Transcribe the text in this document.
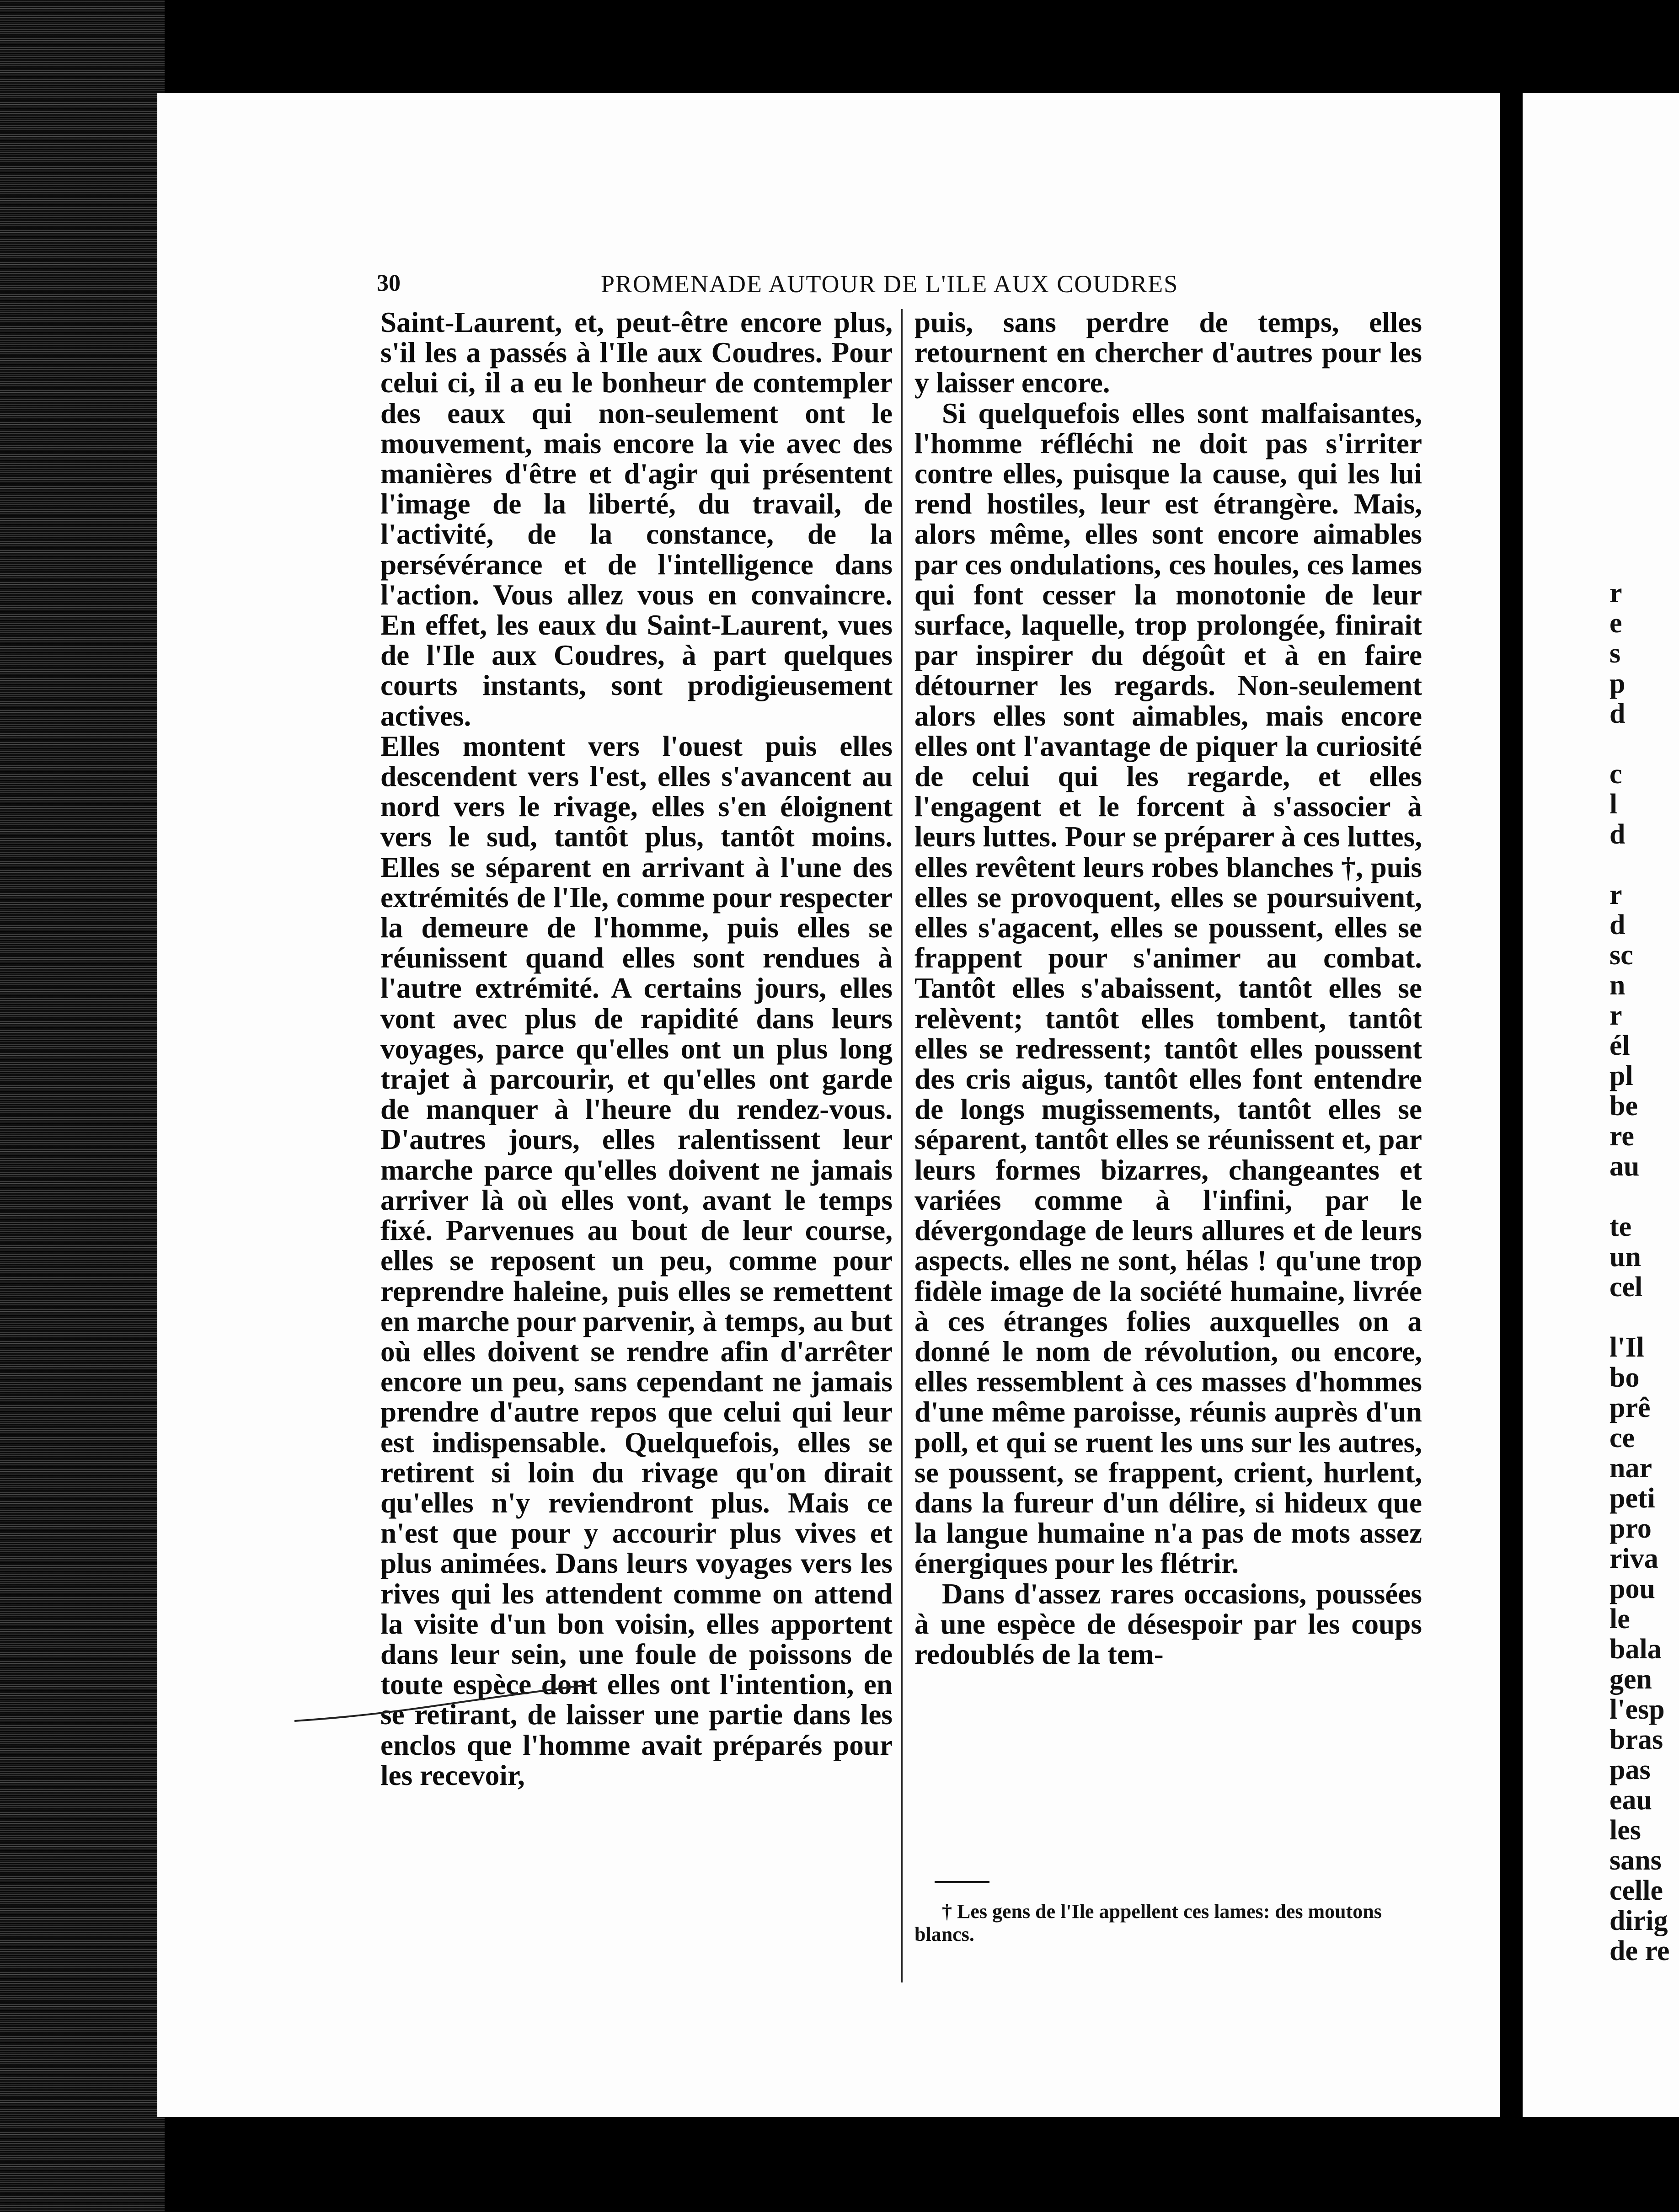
30	PROMENADE AUTOUR DE L'ILE AUX COUDRES

Saint-Laurent, et, peut-être encore plus, s'il les a passés à l'Ile aux Coudres. Pour celui ci, il a eu le bonheur de contempler des eaux qui non-seulement ont le mouvement, mais encore la vie avec des manières d'être et d'agir qui présentent l'image de la liberté, du travail, de l'activité, de la constance, de la persévérance et de l'intelligence dans l'action. Vous allez vous en convaincre. En effet, les eaux du Saint-Laurent, vues de l'Ile aux Coudres, à part quelques courts instants, sont prodigieusement actives.

Elles montent vers l'ouest puis elles descendent vers l'est, elles s'avancent au nord vers le rivage, elles s'en éloignent vers le sud, tantôt plus, tantôt moins. Elles se séparent en arrivant à l'une des extrémités de l'Ile, comme pour respecter la demeure de l'homme, puis elles se réunissent quand elles sont rendues à l'autre extrémité. A certains jours, elles vont avec plus de rapidité dans leurs voyages, parce qu'elles ont un plus long trajet à parcourir, et qu'elles ont garde de manquer à l'heure du rendez-vous. D'autres jours, elles ralentissent leur marche parce qu'elles doivent ne jamais arriver là où elles vont, avant le temps fixé. Parvenues au bout de leur course, elles se reposent un peu, comme pour reprendre haleine, puis elles se remettent en marche pour parvenir, à temps, au but où elles doivent se rendre afin d'arrêter encore un peu, sans cependant ne jamais prendre d'autre repos que celui qui leur est indispensable. Quelquefois, elles se retirent si loin du rivage qu'on dirait qu'elles n'y reviendront plus. Mais ce n'est que pour y accourir plus vives et plus animées. Dans leurs voyages vers les rives qui les attendent comme on attend la visite d'un bon voisin, elles apportent dans leur sein, une foule de poissons de toute espèce dont elles ont l'intention, en se retirant, de laisser une partie dans les enclos que l'homme avait préparés pour les recevoir,

puis, sans perdre de temps, elles retournent en chercher d'autres pour les y laisser encore.

Si quelquefois elles sont malfaisantes, l'homme réfléchi ne doit pas s'irriter contre elles, puisque la cause, qui les lui rend hostiles, leur est étrangère. Mais, alors même, elles sont encore aimables par ces ondulations, ces houles, ces lames qui font cesser la monotonie de leur surface, laquelle, trop prolongée, finirait par inspirer du dégoût et à en faire détourner les regards. Non-seulement alors elles sont aimables, mais encore elles ont l'avantage de piquer la curiosité de celui qui les regarde, et elles l'engagent et le forcent à s'associer à leurs luttes. Pour se préparer à ces luttes, elles revêtent leurs robes blanches †, puis elles se provoquent, elles se poursuivent, elles s'agacent, elles se poussent, elles se frappent pour s'animer au combat. Tantôt elles s'abaissent, tantôt elles se relèvent; tantôt elles tombent, tantôt elles se redressent; tantôt elles poussent des cris aigus, tantôt elles font entendre de longs mugissements, tantôt elles se séparent, tantôt elles se réunissent et, par leurs formes bizarres, changeantes et variées comme à l'infini, par le dévergondage de leurs allures et de leurs aspects. elles ne sont, hélas ! qu'une trop fidèle image de la société humaine, livrée à ces étranges folies auxquelles on a donné le nom de révolution, ou encore, elles ressemblent à ces masses d'hommes d'une même paroisse, réunis auprès d'un poll, et qui se ruent les uns sur les autres, se poussent, se frappent, crient, hurlent, dans la fureur d'un délire, si hideux que la langue humaine n'a pas de mots assez énergiques pour les flétrir.

Dans d'assez rares occasions, poussées à une espèce de désespoir par les coups redoublés de la tem-

† Les gens de l'Ile appellent ces lames: des moutons blancs.
r
e
s
p
d

c
l
d

r
d
sc
n
r
él
pl
be
re
au

te
un
cel

l'Il
bo
prê
ce
nar
peti
pro
riva
pou
le
bala
gen
l'esp
bras
pas
eau
les
sans
celle
dirig
de re
